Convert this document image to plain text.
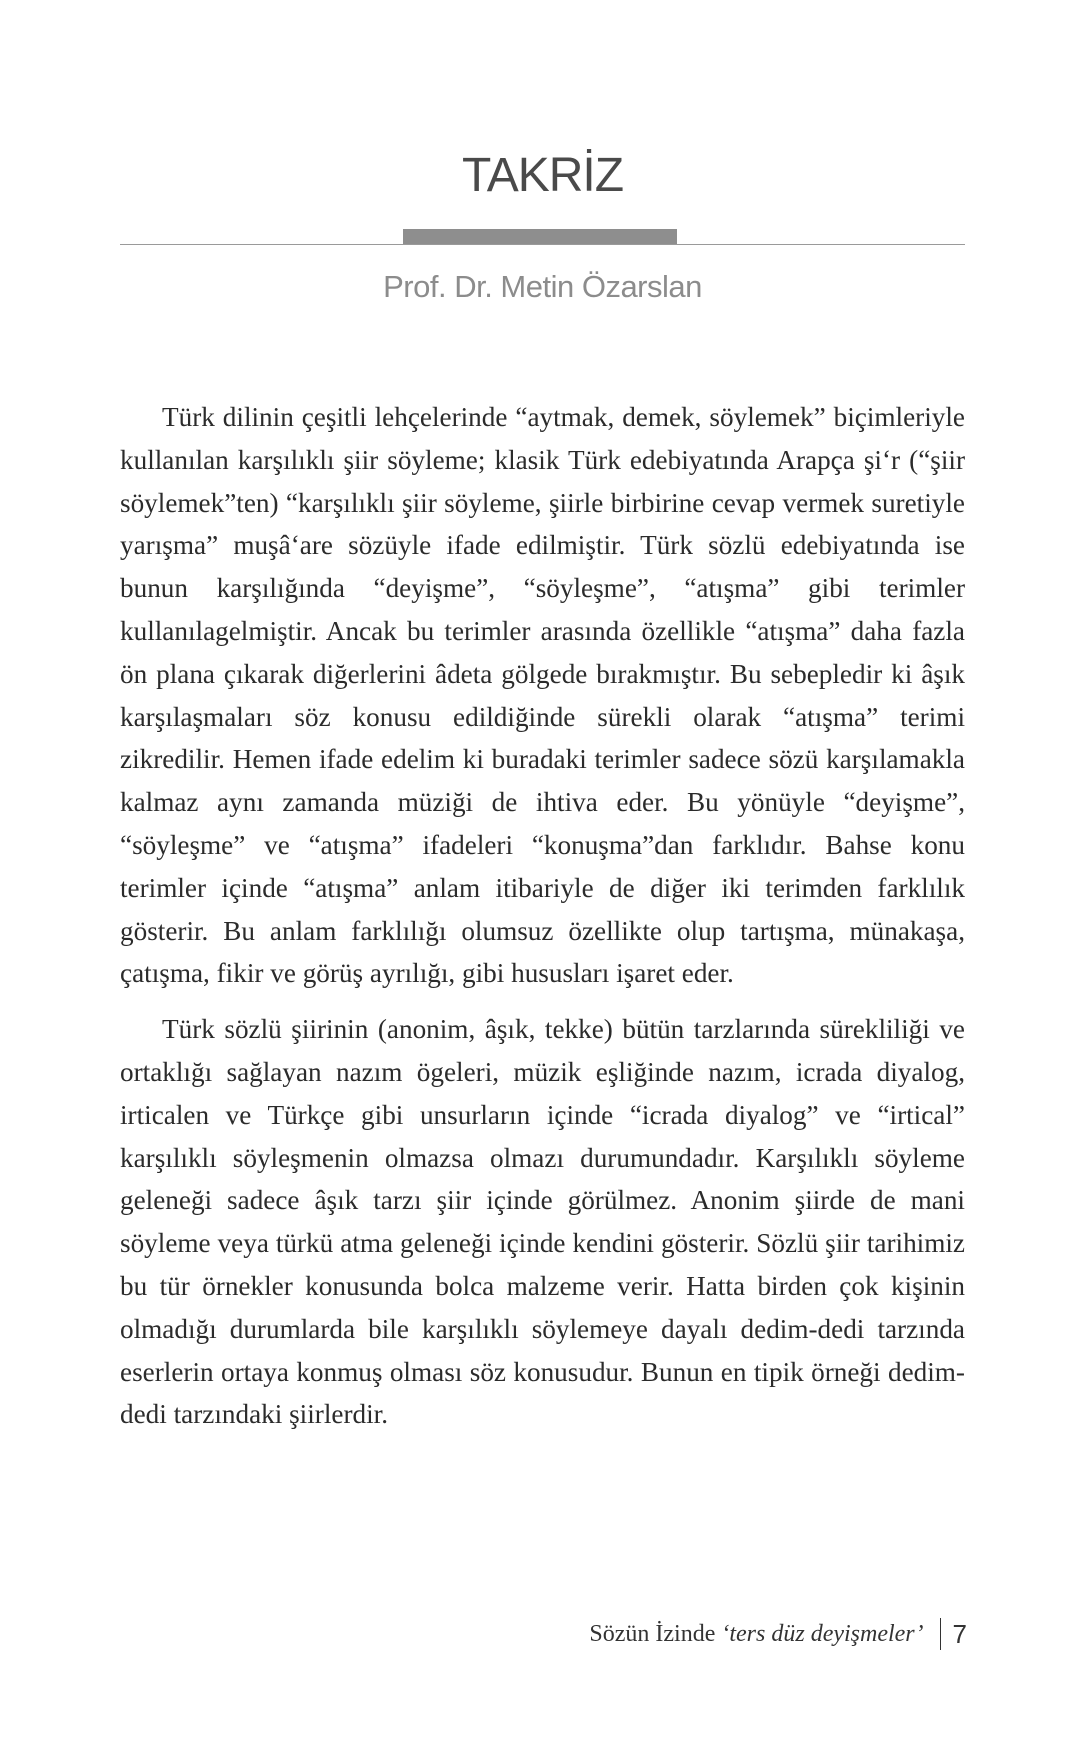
TAKRİZ

Prof. Dr. Metin Özarslan

Türk dilinin çeşitli lehçelerinde “aytmak, demek, söylemek” biçimleriyle kullanılan karşılıklı şiir söyleme; klasik Türk edebiyatında Arapça şi‘r (“şiir söylemek”ten) “karşılıklı şiir söyleme, şiirle birbirine cevap vermek suretiyle yarışma” muşâ‘are sözüyle ifade edilmiştir. Türk sözlü edebiyatında ise bunun karşılığında “deyişme”, “söyleşme”, “atışma” gibi terimler kullanılagelmiştir. Ancak bu terimler arasında özellikle “atışma” daha fazla ön plana çıkarak diğerlerini âdeta gölgede bırakmıştır. Bu sebepledir ki âşık karşılaşmaları söz konusu edildiğinde sürekli olarak “atışma” terimi zikredilir. Hemen ifade edelim ki buradaki terimler sadece sözü karşılamakla kalmaz aynı zamanda müziği de ihtiva eder. Bu yönüyle “deyişme”, “söyleşme” ve “atışma” ifadeleri “konuşma”dan farklıdır. Bahse konu terimler içinde “atışma” anlam itibariyle de diğer iki terimden farklılık gösterir. Bu anlam farklılığı olumsuz özellikte olup tartışma, münakaşa, çatışma, fikir ve görüş ayrılığı, gibi hususları işaret eder.

Türk sözlü şiirinin (anonim, âşık, tekke) bütün tarzlarında sürekliliği ve ortaklığı sağlayan nazım ögeleri, müzik eşliğinde nazım, icrada diyalog, irticalen ve Türkçe gibi unsurların içinde “icrada diyalog” ve “irtical” karşılıklı söyleşmenin olmazsa olmazı durumundadır. Karşılıklı söyleme geleneği sadece âşık tarzı şiir içinde görülmez. Anonim şiirde de mani söyleme veya türkü atma geleneği içinde kendini gösterir. Sözlü şiir tarihimiz bu tür örnekler konusunda bolca malzeme verir. Hatta birden çok kişinin olmadığı durumlarda bile karşılıklı söylemeye dayalı dedim-dedi tarzında eserlerin ortaya konmuş olması söz konusudur. Bunun en tipik örneği dedim-dedi tarzındaki şiirlerdir.

Sözün İzinde ‘ters düz deyişmeler’ 7
